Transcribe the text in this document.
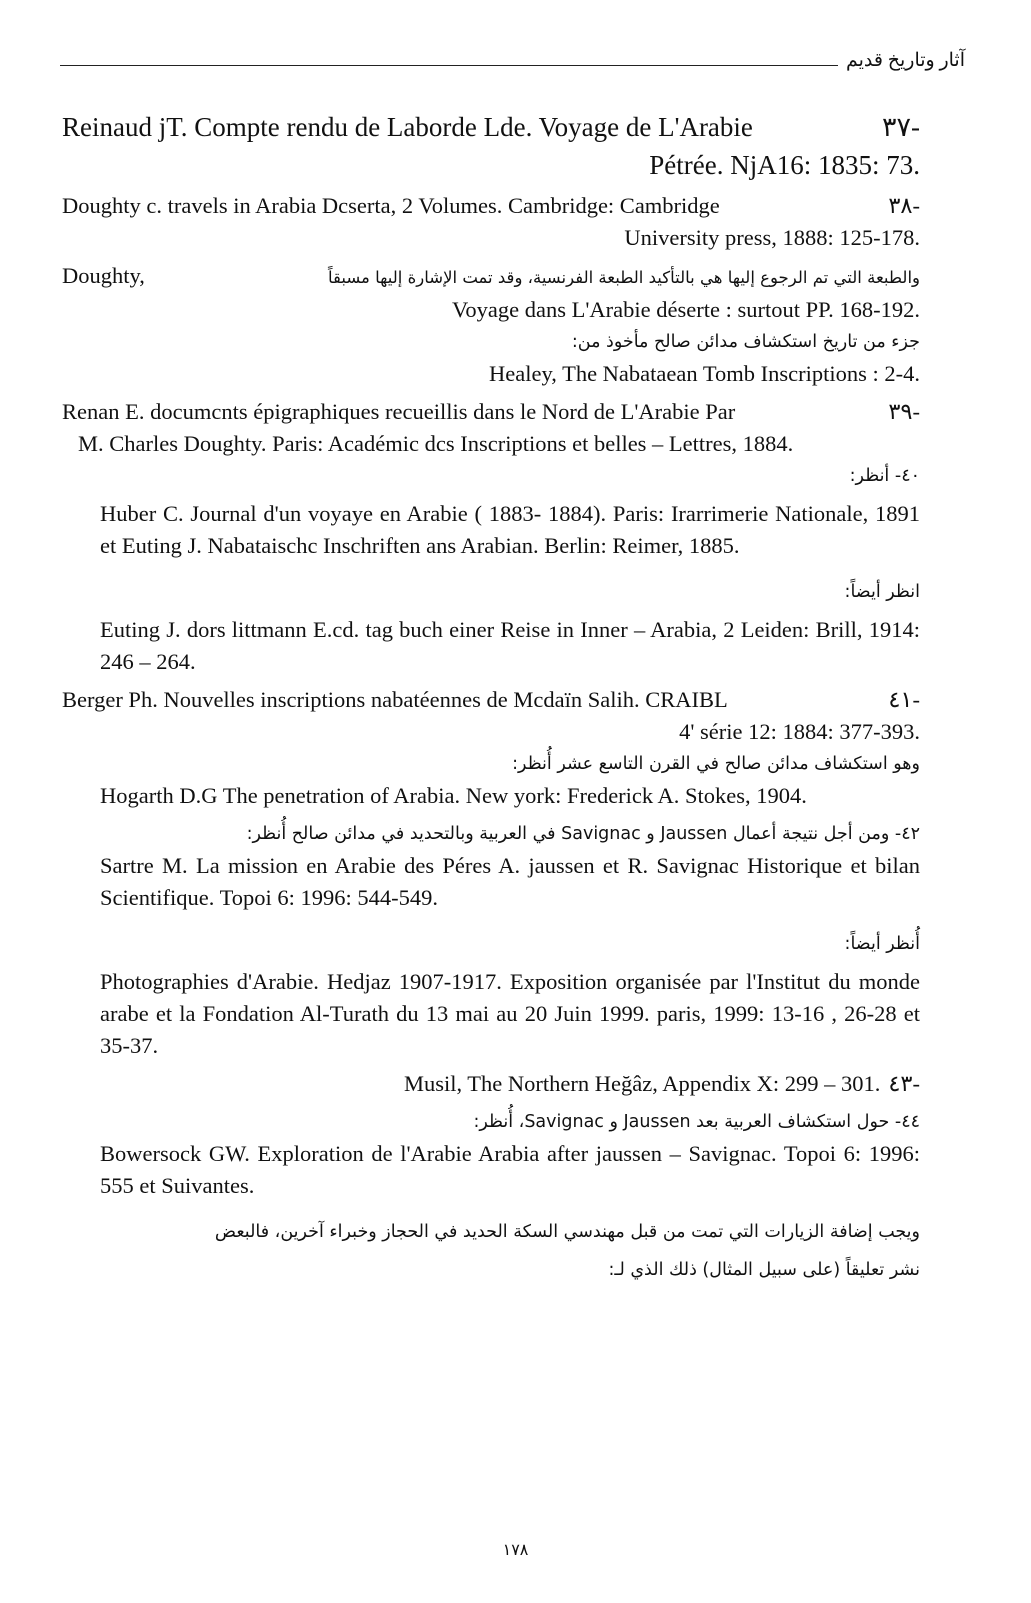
آثار وتاريخ قديم
Reinaud jT. Compte rendu de Laborde Lde. Voyage de L'Arabie	-٣٧
Pétrée. NjA16: 1835: 73.
Doughty c. travels in Arabia Dcserta, 2 Volumes. Cambridge: Cambridge	-٣٨
University press, 1888: 125-178.
Doughty,	والطبعة التي تم الرجوع إليها هي بالتأكيد الطبعة الفرنسية، وقد تمت الإشارة إليها مسبقاً
Voyage dans L'Arabie déserte : surtout PP. 168-192.
جزء من تاريخ استكشاف مدائن صالح مأخوذ من:
Healey, The Nabataean Tomb Inscriptions : 2-4.
Renan E. documcnts épigraphiques recueillis dans le Nord de L'Arabie Par	-٣٩
M. Charles Doughty. Paris: Académic dcs Inscriptions et belles – Lettres, 1884.
٤٠- أنظر:
Huber C. Journal d'un voyaye en Arabie ( 1883- 1884). Paris: Irarrimerie Nationale, 1891 et Euting J. Nabataischc Inschriften ans Arabian. Berlin: Reimer, 1885.
انظر أيضاً:
Euting J. dors littmann E.cd. tag buch einer Reise in Inner – Arabia, 2 Leiden: Brill, 1914: 246 – 264.
Berger Ph. Nouvelles inscriptions nabatéennes de Mcdaïn Salih. CRAIBL	-٤١
4' série 12: 1884: 377-393.
وهو استكشاف مدائن صالح في القرن التاسع عشر أُنظر:
Hogarth D.G The penetration of Arabia. New york: Frederick A. Stokes, 1904.
٤٢- ومن أجل نتيجة أعمال Jaussen و Savignac في العربية وبالتحديد في مدائن صالح أُنظر:
Sartre M. La mission en Arabie des Péres A. jaussen et R. Savignac Historique et bilan Scientifique. Topoi 6: 1996: 544-549.
أُنظر أيضاً:
Photographies d'Arabie. Hedjaz 1907-1917. Exposition organisée par l'Institut du monde arabe et la Fondation Al-Turath du 13 mai au 20 Juin 1999. paris, 1999: 13-16 , 26-28 et 35-37.
Musil, The Northern Heğâz, Appendix X: 299 – 301. -٤٣
٤٤- حول استكشاف العربية بعد Jaussen و Savignac، أُنظر:
Bowersock GW. Exploration de l'Arabie Arabia after jaussen – Savignac. Topoi 6: 1996: 555 et Suivantes.
ويجب إضافة الزيارات التي تمت من قبل مهندسي السكة الحديد في الحجاز وخبراء آخرين، فالبعض
نشر تعليقاً (على سبيل المثال) ذلك الذي لـ:
١٧٨
